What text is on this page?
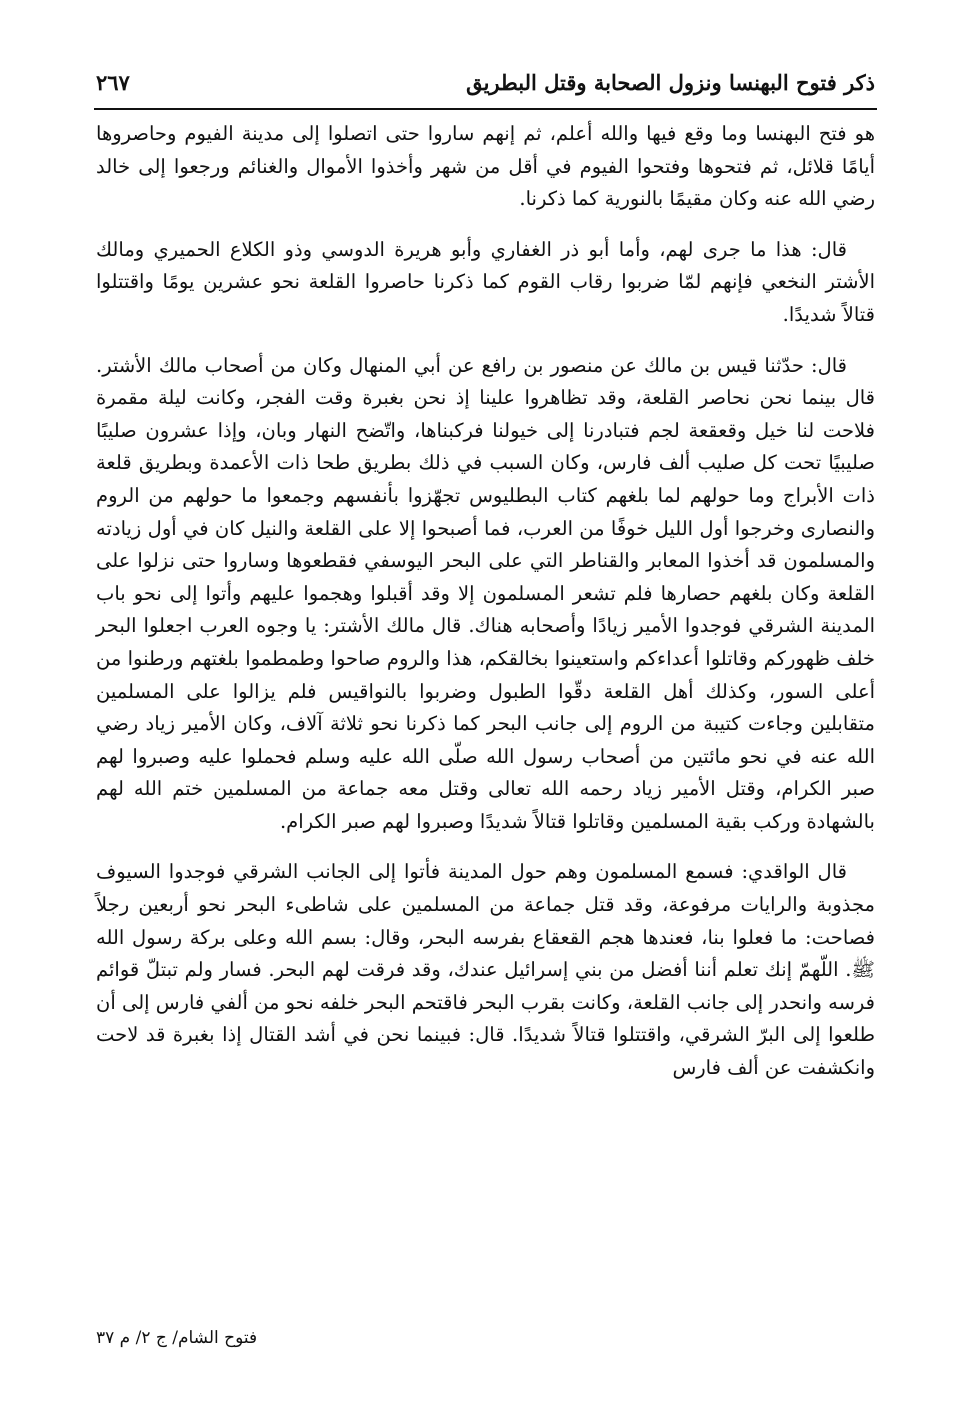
ذكر فتوح البهنسا ونزول الصحابة وقتل البطريق
٢٦٧

هو فتح البهنسا وما وقع فيها والله أعلم، ثم إنهم ساروا حتى اتصلوا إلى مدينة الفيوم وحاصروها أيامًا قلائل، ثم فتحوها وفتحوا الفيوم في أقل من شهر وأخذوا الأموال والغنائم ورجعوا إلى خالد رضي الله عنه وكان مقيمًا بالنورية كما ذكرنا.

قال: هذا ما جرى لهم، وأما أبو ذر الغفاري وأبو هريرة الدوسي وذو الكلاع الحميري ومالك الأشتر النخعي فإنهم لمّا ضربوا رقاب القوم كما ذكرنا حاصروا القلعة نحو عشرين يومًا واقتتلوا قتالاً شديدًا.

قال: حدّثنا قيس بن مالك عن منصور بن رافع عن أبي المنهال وكان من أصحاب مالك الأشتر. قال بينما نحن نحاصر القلعة، وقد تظاهروا علينا إذ نحن بغبرة وقت الفجر، وكانت ليلة مقمرة فلاحت لنا خيل وقعقعة لجم فتبادرنا إلى خيولنا فركبناها، واتّضح النهار وبان، وإذا عشرون صليبًا صليبيًا تحت كل صليب ألف فارس، وكان السبب في ذلك بطريق طحا ذات الأعمدة وبطريق قلعة ذات الأبراج وما حولهم لما بلغهم كتاب البطليوس تجهّزوا بأنفسهم وجمعوا ما حولهم من الروم والنصارى وخرجوا أول الليل خوفًا من العرب، فما أصبحوا إلا على القلعة والنيل كان في أول زيادته والمسلمون قد أخذوا المعابر والقناطر التي على البحر اليوسفي فقطعوها وساروا حتى نزلوا على القلعة وكان بلغهم حصارها فلم تشعر المسلمون إلا وقد أقبلوا وهجموا عليهم وأتوا إلى نحو باب المدينة الشرقي فوجدوا الأمير زيادًا وأصحابه هناك. قال مالك الأشتر: يا وجوه العرب اجعلوا البحر خلف ظهوركم وقاتلوا أعداءكم واستعينوا بخالقكم، هذا والروم صاحوا وطمطموا بلغتهم ورطنوا من أعلى السور، وكذلك أهل القلعة دقّوا الطبول وضربوا بالنواقيس فلم يزالوا على المسلمين متقابلين وجاءت كتيبة من الروم إلى جانب البحر كما ذكرنا نحو ثلاثة آلاف، وكان الأمير زياد رضي الله عنه في نحو مائتين من أصحاب رسول الله صلّى الله عليه وسلم فحملوا عليه وصبروا لهم صبر الكرام، وقتل الأمير زياد رحمه الله تعالى وقتل معه جماعة من المسلمين ختم الله لهم بالشهادة وركب بقية المسلمين وقاتلوا قتالاً شديدًا وصبروا لهم صبر الكرام.

قال الواقدي: فسمع المسلمون وهم حول المدينة فأتوا إلى الجانب الشرقي فوجدوا السيوف مجذوبة والرايات مرفوعة، وقد قتل جماعة من المسلمين على شاطىء البحر نحو أربعين رجلاً فصاحت: ما فعلوا بنا، فعندها هجم القعقاع بفرسه البحر، وقال: بسم الله وعلى بركة رسول الله ﷺ. اللّهمّ إنك تعلم أننا أفضل من بني إسرائيل عندك، وقد فرقت لهم البحر. فسار ولم تبتلّ قوائم فرسه وانحدر إلى جانب القلعة، وكانت بقرب البحر فاقتحم البحر خلفه نحو من ألفي فارس إلى أن طلعوا إلى البرّ الشرقي، واقتتلوا قتالاً شديدًا. قال: فبينما نحن في أشد القتال إذا بغبرة قد لاحت وانكشفت عن ألف فارس

فتوح الشام/ ج ٢/ م ٣٧
